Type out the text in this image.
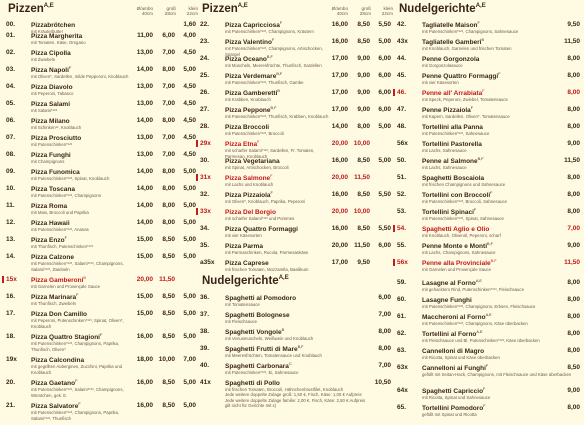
Pizzen$^{A,E}$	Ø/ambo
40cm
groß
28cm
klein
22cm
00. Pizzabrötchen
mit Kräuterbutter
1,60
01. Pizza Margherita
mit Tomaten, Käse, Oregano
11,00 6,00 4,00
02. Pizza Cipolla
mit Zwiebeln
13,00 7,00 4,50
03. Pizza Napoli$^F$
mit Oliven*, Sardellen, milde Pepperoni, Knoblauch
14,00 8,00 5,00
04. Pizza Diavolo
mit Peperoni, Tabasco
13,00 7,00 4,50
05. Pizza Salami
mit Salami*¹²³
13,00 7,00 4,50
06. Pizza Milano
mit Schinken¹², Knoblauch
14,00 8,00 4,50
07. Pizza Prosciutto
mit Putenschinken*¹²³
13,00 7,00 4,50
08. Pizza Funghi
mit Champignons
13,00 7,00 4,50
09. Pizza Funomica
mit Putenschinken*¹²³, Spinat, Knoblauch
14,00 8,00 5,00
10. Pizza Toscana
mit Putenschinken*¹²³, Champignons
14,00 8,00 5,00
11.	Pizza Roma
mit Mais, Broccoli und Paprika
14,00 8,00 5,00
12. Pizza Hawaii
mit Putenschinken*¹²³, Ananas
14,00 8,00 5,00
13. Pizza Enzo$^F$
mit Thunfisch, Putenschinken*¹²³
15,00 8,50 5,00
14. Pizza Calzone
mit Putenschinken*¹²³, Salami*¹²³, Champignons, Salami*¹²³, Zwiebeln
15,00 8,50 5,00
15x Pizza Gamberoni$^B$
mit Garnelen und Provençale Sauce
20,00 11,50
16. Pizza Marinara$^F$
mit Thunfisch, Zwiebeln
15,00 8,50 5,00
17. Pizza Don Camillo
mit Peperoni, Putenschinken*¹²³, Spinat, Oliven*, Knoblauch
15,00 8,50 5,00
18. Pizza Quattro Stagioni$^F$
mit Putenschinken*¹²³, Champignons, Paprika, Thunfisch, Oliven*
16,00 8,50 5,00
19x Pizza Calcondina
mit gegrillten Auberginen, Zucchini, Paprika und Knoblauch
18,00 10,00 7,00
20. Pizza Gaetano$^F$
mit Putenschinken*¹²³, Salami*¹²³, Champignons, Würstchen, gek. E.
16,00 8,50 5,00
21. Pizza Salvatore$^F$
mit Putenschinken*¹²³, Champignons, Paprika, Salami*¹²³, Thunfisch
16,00 8,50 5,00
Pizzen$^{A,E}$	Ø/ambo
40cm
groß
28cm
klein
22cm
22. Pizza Capricciosa$^F$
mit Putenschinken*¹²³, Champignons, Kräutern
16,00 8,50 5,50
23. Pizza Valentino$^F$
mit Putenschinken*¹²³, Champignons, Artischocken, Spargel
16,00 8,50 5,00
24. Pizza Oceano$^{B,F}$
mit Muscheln, Meeresfrüchte, Thunfisch, Sardellen
17,00 9,00 6,00
25. Pizza Verdemare$^{B,F}$
mit Putenschinken*¹²³, Thunfisch, Gambe
17,00 9,00 6,00
26. Pizza Gamberetti$^B$
mit Krabben, Knoblauch
17,00 9,00 6,00
27. Pizza Peppone$^{B,F}$
mit Putenschinken*¹²³, Thunfisch, Krabben, Knoblauch
17,00 9,00 6,00
28. Pizza Broccoli
mit Putenschinken*¹²³, Broccoli
14,00 8,00 5,00
29x Pizza Etna$^F$
mit scharfer Salami*¹²³, Sardellen, Fr. Tomaten, Parmesan, Knoblauch
20,00 10,00
30. Pizza Vegetariana
mit Spinat, Artischocken, Broccoli
16,00 8,50 5,00
31x Pizza Salmone$^F$
mit Lachs und Knoblauch
20,00 11,50
32. Pizza Pizzaiola$^F$
mit Oliven*, Knoblauch, Paprika, Peperoni
16,00 8,50 5,50
33x Pizza Del Borgio
mit scharfer Salami*¹²³ und Pommes
20,00 10,00
34. Pizza Quattro Formaggi
mit vier Käsesorten
16,00 8,50 5,50
35. Pizza Parma
mit Parmaschinken, Rucola, Parmesankäse
20,00 11,50 6,00
a35x Pizza Caprese
mit frischen Tomaten, Mozzarella, Basilikum
17,00 9,50
Nudelgerichte$^{A,E}$
36. Spaghetti al Pomodoro
mit Tomatensauce
6,00
37. Spaghetti Bolognese
mit Fleischsauce
7,00
38. Spaghetti Vongole$^B$
mit Venusmuscheln, Weißwein und Knoblauch
8,00
39. Spaghetti Frutti di Mare$^{B,F}$
mit Meeresfrüchten, Tomatensauce und Knoblauch
8,00
40. Spaghetti Carbonara$^C$
mit Putenschinken*¹²³, Ei, Sahnesauce
7,00
41x Spaghetti di Pollo
mit frischen Tomaten, Broccoli, Hähnchenbrustfilet, Knoblauch
10,50
Jede weitere doppelte Zulage groß: 1,50 €, Fisch, Käse: 1,00 € Aufpreis
Jede weitere doppelte Zulage familie: 2,00 €, Fisch, Käse: 2,50 € Aufpreis
gilt nicht für Gerichte mit x)
Nudelgerichte$^{A,E}$
42. Tagliatelle Maison$^F$
mit Putenschinken*¹²³, Champignons, Sahnesauce
9,50
43x Tagliatelle Gamberi$^B$
mit Knoblauch, Garnelen und frischen Tomaten
11,50
44. Penne Gorgonzola
mit Gorgonzolasauce
8,00
45. Penne Quattro Formaggi$^F$
mit vier Käsesorten
8,00
46. Penne all' Arrabiata$^F$
mit Speck, Peperoni, Zwiebel, Tomatensauce
8,00
47. Penne Pizzaiola$^F$
mit Kapern, Sardellen, Oliven*, Tomatensauce
8,00
48. Tortellini alla Panna
mit Putenschinken*¹²³, Sahnesauce
8,00
56x Tortellini Pastorella
mit Lachs, Sahnesauce
9,00
50. Penne al Salmone$^{B,F}$
mit Lachs, Sahnesauce
11,50
51. Spaghetti Boscaiola
mit frischen Champignons und Sahnesauce
8,00
52. Tortellini con Broccoli$^F$
mit Putenschinken*¹²³, Broccoli, Sahnesauce
8,00
53. Tortellini Spinaci$^F$
mit Putenschinken*¹²³, Spinat, Sahnesauce
8,00
54. Spaghetti Aglio e Olio
mit Knoblauch, Olivenöl, Peperoni, scharf
7,00
55. Penne Monte e Monti$^{B,F}$
mit Lachs, Champignons, Sahnesauce
9,00
56x Penne alla Provinciale$^{B,F}$
mit Garnelen und Provençale Sauce
11,50
59. Lasagne al Forno$^{A,E}$
mit gehacktem Rind, Putenschinken*¹²³, Fleischsauce
8,00
60. Lasagne Funghi
mit Putenschinken*¹²³, Champignons, Erbsen, Fleischsauce
8,00
61. Maccheroni al Forno$^{A,E}$
mit Putenschinken*¹²³, Champignons, Käse überbacken
8,00
62. Tortellini al Forno$^{A,E}$
mit Fleischsauce und Bl. Putenschinken*¹²³, Käse überbacken
8,00
63. Cannelloni di Magro
mit Ricotta, Spinat und Käse überbacken
8,00
63x Cannelloni ai Funghi$^F$
gefüllt mit Seitan-Hack, Champignons, mit Fleischsauce und Käse überbacken
8,50
64x Spaghetti Capriccio$^F$
mit Ricotta, Spinat und Sahnesauce
9,00
65. Tortellini Pomodoro$^F$
gefüllt mit Spinat und Ricotta
8,00
